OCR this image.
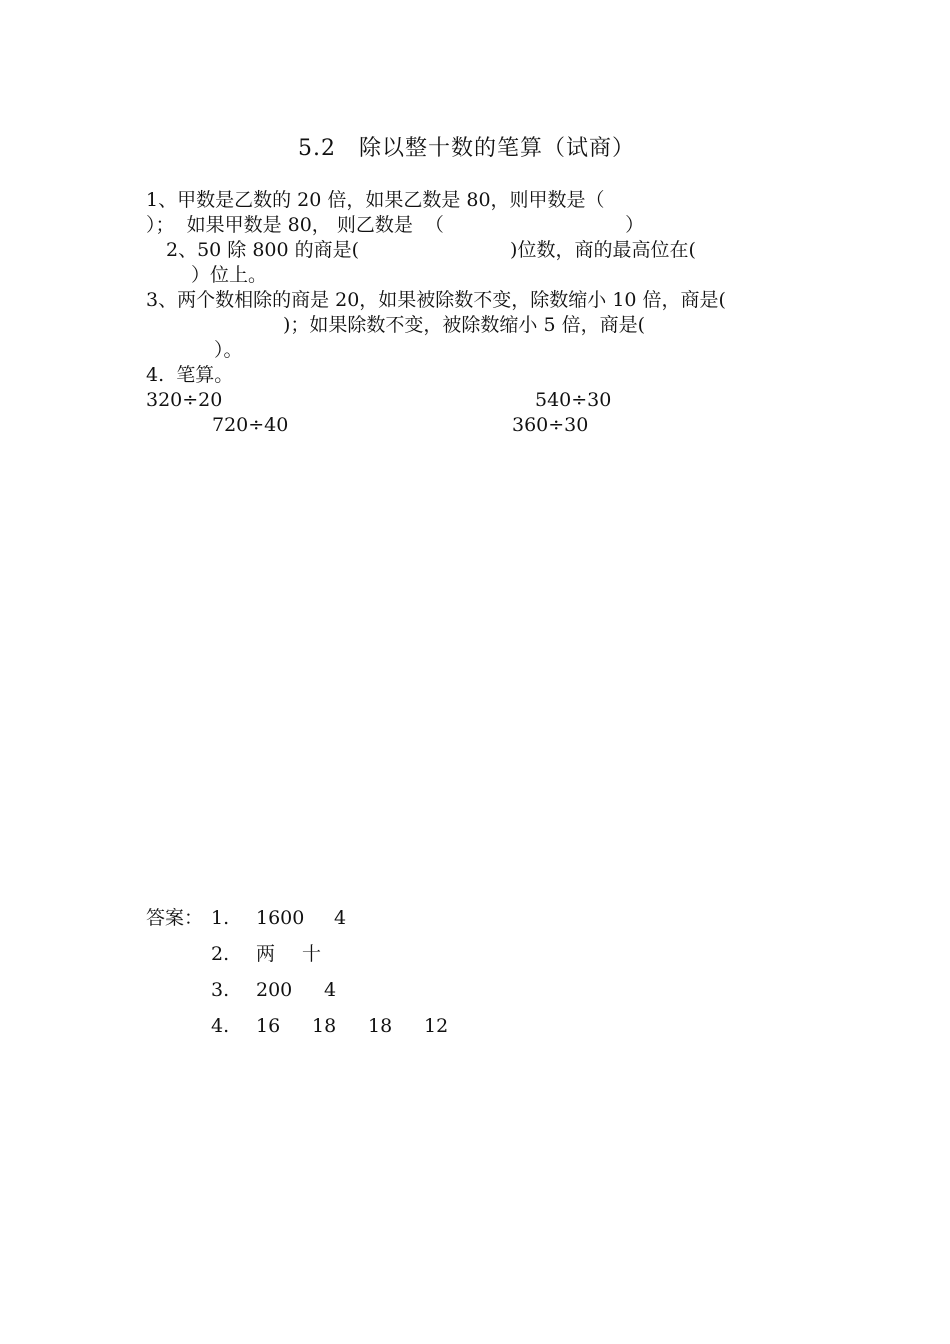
5.2　除以整十数的笔算（试商）
1、甲数是乙数的 20 倍，如果乙数是 80，则甲数是（
）；  如果甲数是 80， 则乙数是  （                              ）
2、50 除 800 的商是(                         )位数，商的最高位在(
）位上。
3、两个数相除的商是 20，如果被除数不变，除数缩小 10 倍，商是(
)；如果除数不变，被除数缩小 5 倍，商是(
）。
4.  笔算。
320÷20	540÷30
720÷40	360÷30
答案： 1. 1600 4
2. 两 十
3. 200 4
4. 16 18 18 12
